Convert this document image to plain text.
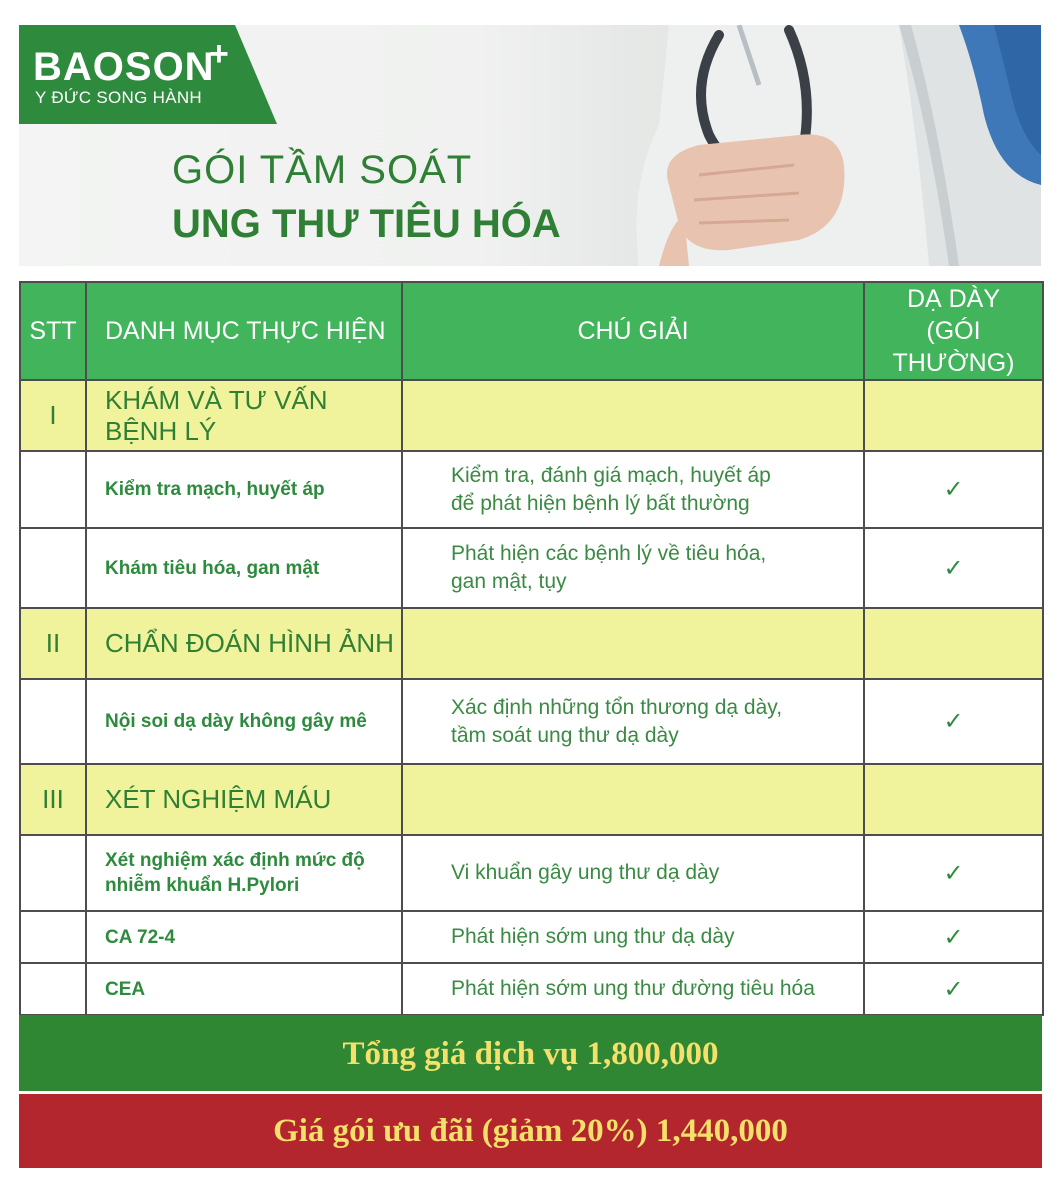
BAOSON
+
Y ĐỨC SONG HÀNH
GÓI TẦM SOÁT
UNG THƯ TIÊU HÓA
STT	DANH MỤC THỰC HIỆN	CHÚ GIẢI	DẠ DÀY
(GÓI THƯỜNG)

I	KHÁM VÀ TƯ VẤN BỆNH LÝ		
	Kiểm tra mạch, huyết áp	Kiểm tra, đánh giá mạch, huyết áp
để phát hiện bệnh lý bất thường	✓
	Khám tiêu hóa, gan mật	Phát hiện các bệnh lý về tiêu hóa,
gan mật, tụy	✓
II	CHẨN ĐOÁN HÌNH ẢNH		
	Nội soi dạ dày không gây mê	Xác định những tổn thương dạ dày,
tầm soát ung thư dạ dày	✓
III	XÉT NGHIỆM MÁU		

	Xét nghiệm xác định mức độ
nhiễm khuẩn H.Pylori	Vi khuẩn gây ung thư dạ dày	✓
	CA 72-4	Phát hiện sớm ung thư dạ dày	✓
	CEA	Phát hiện sớm ung thư đường tiêu hóa	✓
Tổng giá dịch vụ 1,800,000
Giá gói ưu đãi (giảm 20%) 1,440,000
